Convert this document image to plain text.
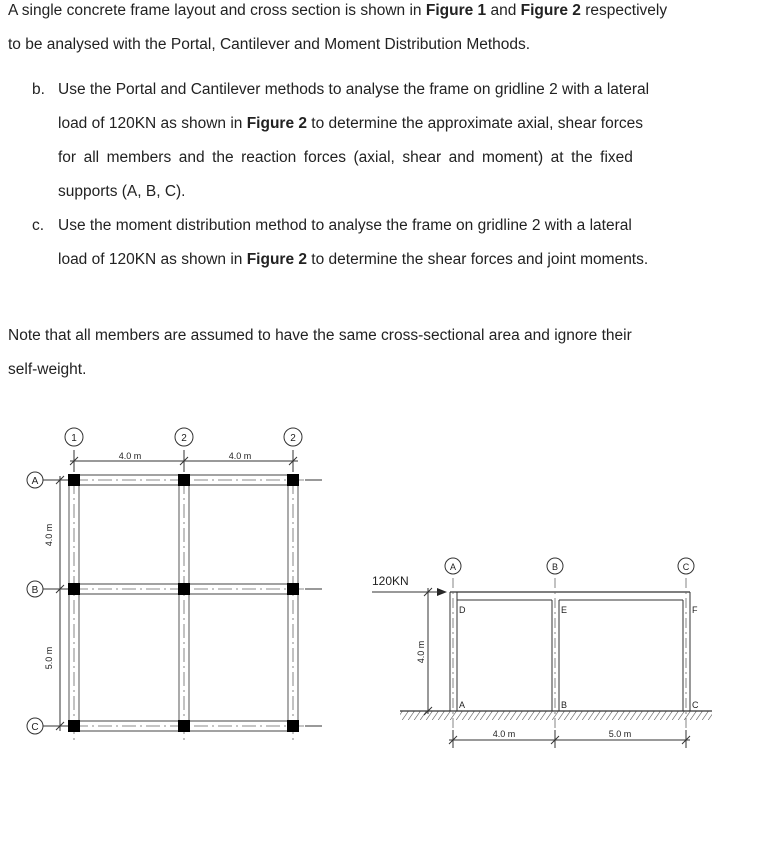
A single concrete frame layout and cross section is shown in Figure 1 and Figure 2 respectively
to be analysed with the Portal, Cantilever and Moment Distribution Methods.
b. Use the Portal and Cantilever methods to analyse the frame on gridline 2 with a lateral
load of 120KN as shown in Figure 2 to determine the approximate axial, shear forces
for all members and the reaction forces (axial, shear and moment) at the fixed
supports (A, B, C).
c. Use the moment distribution method to analyse the frame on gridline 2 with a lateral
load of 120KN as shown in Figure 2 to determine the shear forces and joint moments.
Note that all members are assumed to have the same cross-sectional area and ignore their
self-weight.
1	2	2
A
B
C
4.0 m	4.0 m
4.0 m
5.0 m
120KN
A	B	C
D	E	F
A	B	C
4.0 m
4.0 m	5.0 m
